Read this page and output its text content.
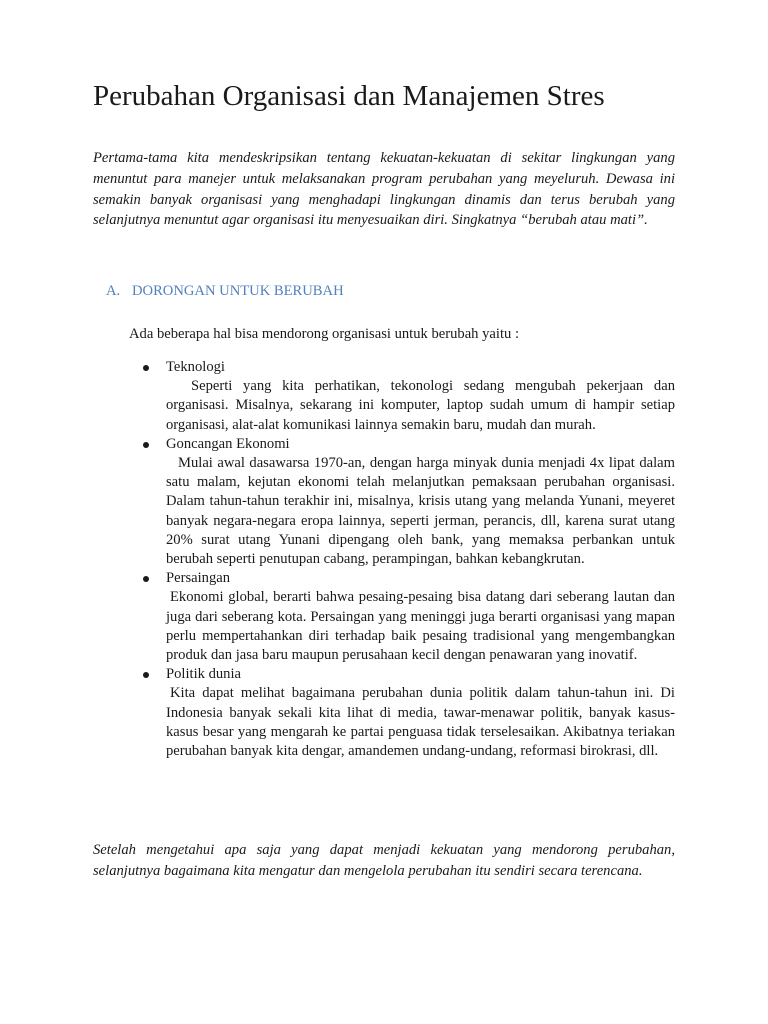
Perubahan Organisasi dan Manajemen Stres

Pertama-tama kita mendeskripsikan tentang kekuatan-kekuatan di sekitar lingkungan yang menuntut para manejer untuk melaksanakan program perubahan yang meyeluruh. Dewasa ini semakin banyak organisasi yang menghadapi lingkungan dinamis dan terus berubah yang selanjutnya menuntut agar organisasi itu menyesuaikan diri. Singkatnya “berubah atau mati”.

A. DORONGAN UNTUK BERUBAH

Ada beberapa hal bisa mendorong organisasi untuk berubah yaitu :

Teknologi
Seperti yang kita perhatikan, tekonologi sedang mengubah pekerjaan dan organisasi. Misalnya, sekarang ini komputer, laptop sudah umum di hampir setiap organisasi, alat-alat komunikasi lainnya semakin baru, mudah dan murah.
Goncangan Ekonomi
Mulai awal dasawarsa 1970-an, dengan harga minyak dunia menjadi 4x lipat dalam satu malam, kejutan ekonomi telah melanjutkan pemaksaan perubahan organisasi. Dalam tahun-tahun terakhir ini, misalnya, krisis utang yang melanda Yunani, meyeret banyak negara-negara eropa lainnya, seperti jerman, perancis, dll, karena surat utang 20% surat utang Yunani dipengang oleh bank, yang memaksa perbankan untuk berubah seperti penutupan cabang, perampingan, bahkan kebangkrutan.
Persaingan
Ekonomi global, berarti bahwa pesaing-pesaing bisa datang dari seberang lautan dan juga dari seberang kota. Persaingan yang meninggi juga berarti organisasi yang mapan perlu mempertahankan diri terhadap baik pesaing tradisional yang mengembangkan produk dan jasa baru maupun perusahaan kecil dengan penawaran yang inovatif.
Politik dunia
Kita dapat melihat bagaimana perubahan dunia politik dalam tahun-tahun ini. Di Indonesia banyak sekali kita lihat di media, tawar-menawar politik, banyak kasus-kasus besar yang mengarah ke partai penguasa tidak terselesaikan. Akibatnya teriakan perubahan banyak kita dengar, amandemen undang-undang, reformasi birokrasi, dll.

Setelah mengetahui apa saja yang dapat menjadi kekuatan yang mendorong perubahan, selanjutnya bagaimana kita mengatur dan mengelola perubahan itu sendiri secara terencana.
